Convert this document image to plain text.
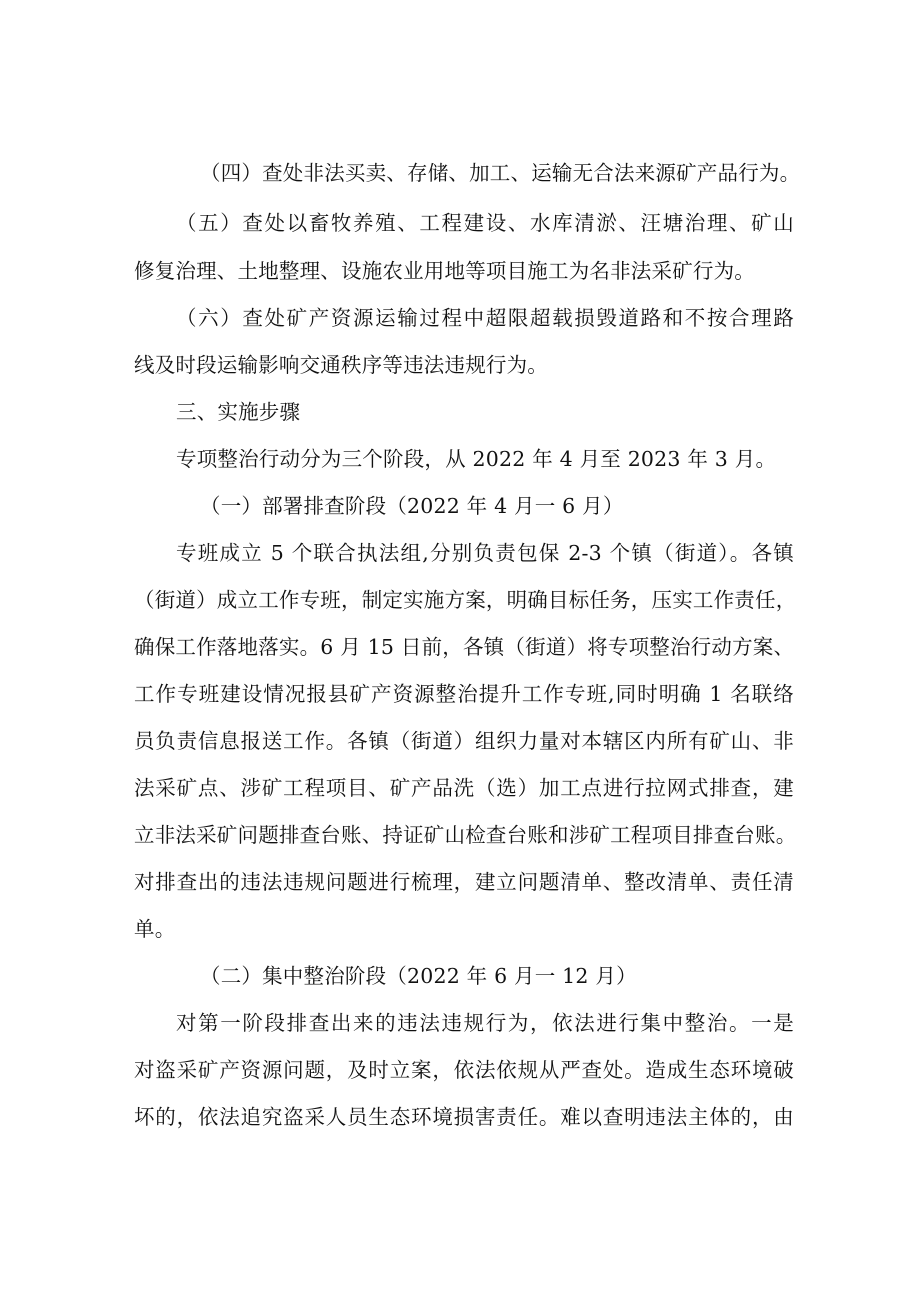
（四）查处非法买卖、存储、加工、运输无合法来源矿产品行为。
（五）查处以畜牧养殖、工程建设、水库清淤、汪塘治理、矿山
修复治理、土地整理、设施农业用地等项目施工为名非法采矿行为。
（六）查处矿产资源运输过程中超限超载损毁道路和不按合理路
线及时段运输影响交通秩序等违法违规行为。
三、实施步骤
专项整治行动分为三个阶段，从 2022 年 4 月至 2023 年 3 月。
（一）部署排查阶段（2022 年 4 月一 6 月）
专班成立 5 个联合执法组,分别负责包保 2-3 个镇（街道）。各镇
（街道）成立工作专班，制定实施方案，明确目标任务，压实工作责任，
确保工作落地落实。6 月 15 日前，各镇（街道）将专项整治行动方案、
工作专班建设情况报县矿产资源整治提升工作专班,同时明确 1 名联络
员负责信息报送工作。各镇（街道）组织力量对本辖区内所有矿山、非
法采矿点、涉矿工程项目、矿产品洗（选）加工点进行拉网式排查，建
立非法采矿问题排查台账、持证矿山检查台账和涉矿工程项目排查台账。
对排查出的违法违规问题进行梳理，建立问题清单、整改清单、责任清
单。
（二）集中整治阶段（2022 年 6 月一 12 月）
对第一阶段排查出来的违法违规行为，依法进行集中整治。一是
对盗采矿产资源问题，及时立案，依法依规从严查处。造成生态环境破
坏的，依法追究盗采人员生态环境损害责任。难以查明违法主体的，由
